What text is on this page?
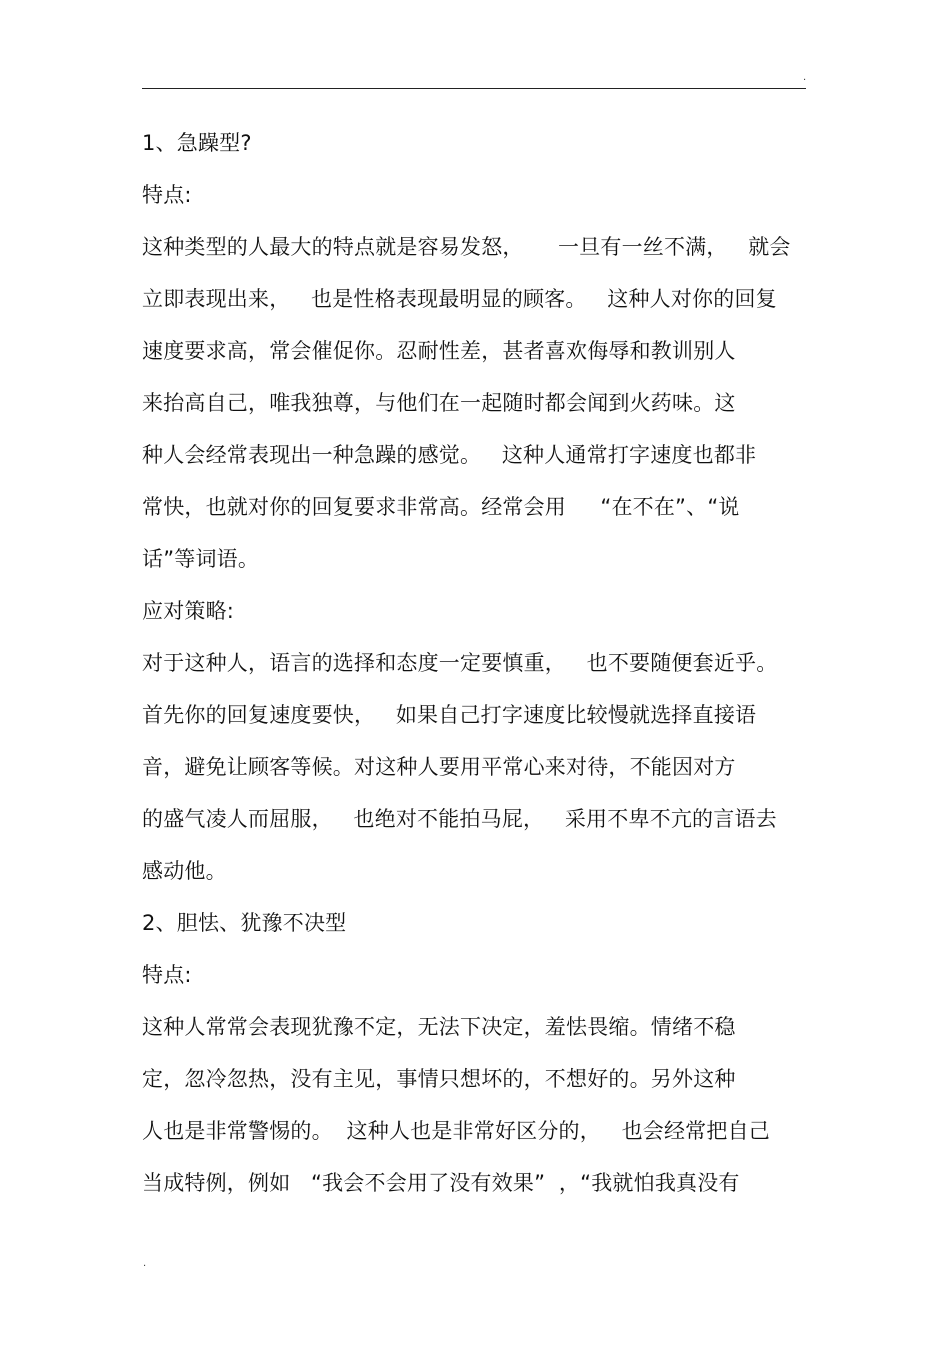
.
1、急躁型?
特点:
这种类型的人最大的特点就是容易发怒，     一旦有一丝不满，   就会
立即表现出来，   也是性格表现最明显的顾客。   这种人对你的回复
速度要求高，常会催促你。忍耐性差，甚者喜欢侮辱和教训别人
来抬高自己，唯我独尊，与他们在一起随时都会闻到火药味。这
种人会经常表现出一种急躁的感觉。   这种人通常打字速度也都非
常快，也就对你的回复要求非常高。经常会用     “在不在”、“说
话”等词语。
应对策略:
对于这种人，语言的选择和态度一定要慎重，   也不要随便套近乎。
首先你的回复速度要快，   如果自己打字速度比较慢就选择直接语
音，避免让顾客等候。对这种人要用平常心来对待，不能因对方
的盛气凌人而屈服，   也绝对不能拍马屁，   采用不卑不亢的言语去
感动他。
2、胆怯、犹豫不决型
特点:
这种人常常会表现犹豫不定，无法下决定，羞怯畏缩。情绪不稳
定，忽冷忽热，没有主见，事情只想坏的，不想好的。另外这种
人也是非常警惕的。  这种人也是非常好区分的，   也会经常把自己
当成特例，例如   “我会不会用了没有效果”  ，“我就怕我真没有
.
